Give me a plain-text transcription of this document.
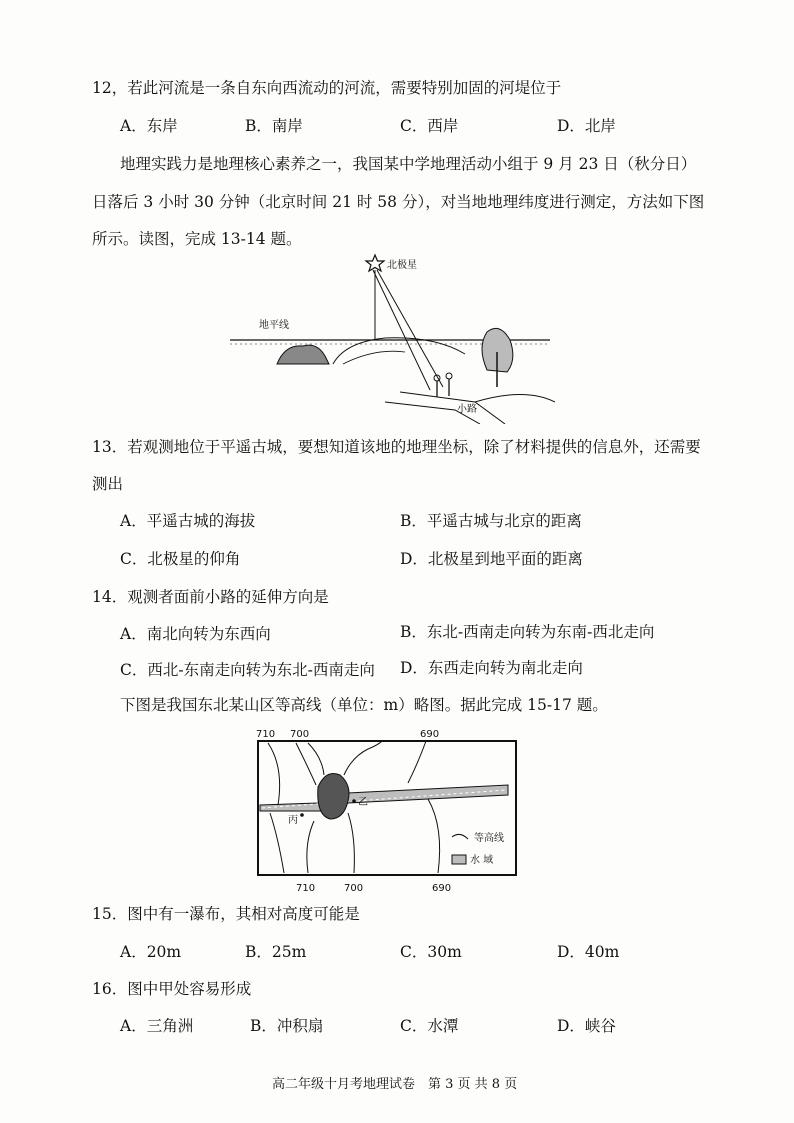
12，若此河流是一条自东向西流动的河流，需要特别加固的河堤位于
A．东岸	B．南岸	C．西岸	D．北岸
地理实践力是地理核心素养之一，我国某中学地理活动小组于 9 月 23 日（秋分日）
日落后 3 小时 30 分钟（北京时间 21 时 58 分），对当地地理纬度进行测定，方法如下图
所示。读图，完成 13-14 题。
北极星
地平线
小路
13．若观测地位于平遥古城，要想知道该地的地理坐标，除了材料提供的信息外，还需要
测出
A．平遥古城的海拔	B．平遥古城与北京的距离
C．北极星的仰角	D．北极星到地平面的距离
14．观测者面前小路的延伸方向是
A．南北向转为东西向	B．东北-西南走向转为东南-西北走向
C．西北-东南走向转为东北-西南走向 D．东西走向转为南北走向
下图是我国东北某山区等高线（单位：m）略图。据此完成 15-17 题。
710 700	690
乙
丙
等高线
水 域
710	700	690
15．图中有一瀑布，其相对高度可能是
A．20m	B．25m	C．30m	D．40m
16．图中甲处容易形成
A．三角洲	B．冲积扇	C．水潭	D．峡谷
高二年级十月考地理试卷　第 3 页 共 8 页
